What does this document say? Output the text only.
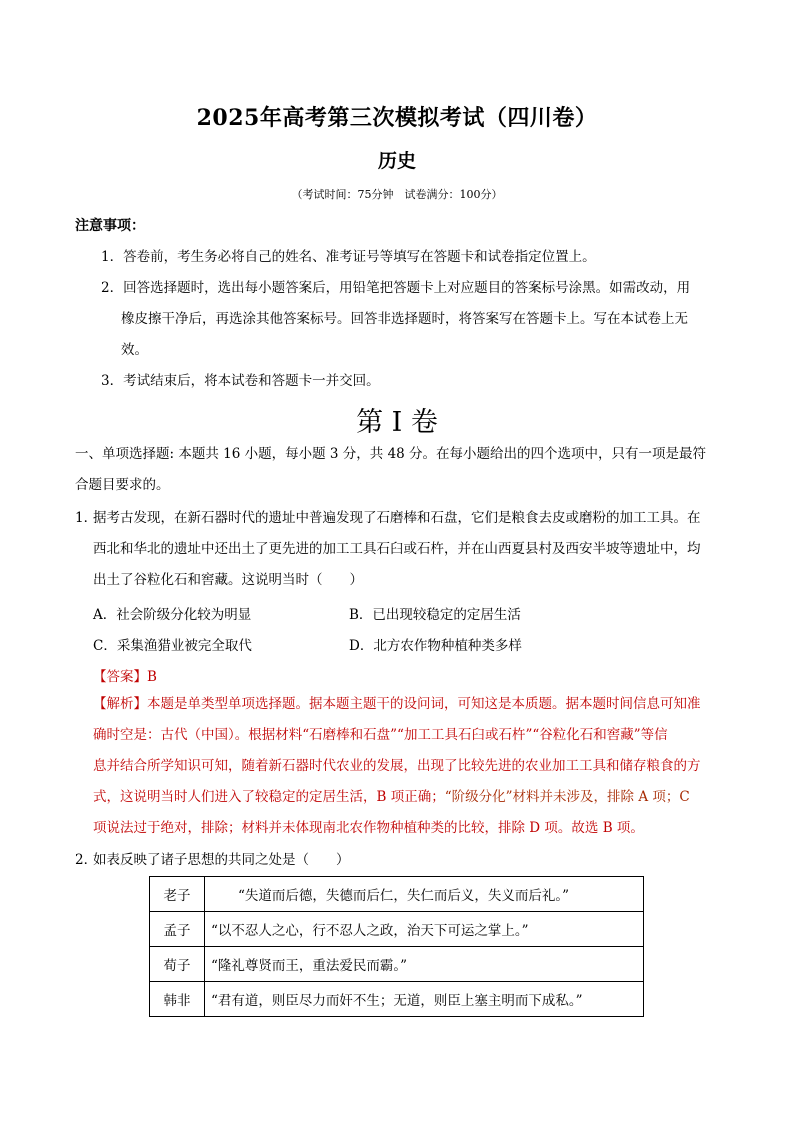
2025年高考第三次模拟考试（四川卷）
历史
（考试时间：75分钟　试卷满分：100分）
注意事项：
1．答卷前，考生务必将自己的姓名、准考证号等填写在答题卡和试卷指定位置上。
2．回答选择题时，选出每小题答案后，用铅笔把答题卡上对应题目的答案标号涂黑。如需改动，用
橡皮擦干净后，再选涂其他答案标号。回答非选择题时，将答案写在答题卡上。写在本试卷上无
效。
3．考试结束后，将本试卷和答题卡一并交回。
第 I 卷
一、单项选择题: 本题共 16 小题，每小题 3 分，共 48 分。在每小题给出的四个选项中，只有一项是最符
合题目要求的。
1．据考古发现，在新石器时代的遗址中普遍发现了石磨棒和石盘，它们是粮食去皮或磨粉的加工工具。在
西北和华北的遗址中还出土了更先进的加工工具石臼或石杵，并在山西夏县村及西安半坡等遗址中，均
出土了谷粒化石和窖藏。这说明当时（　　）
A．社会阶级分化较为明显	B．已出现较稳定的定居生活
C．采集渔猎业被完全取代	D．北方农作物种植种类多样
【答案】B
【解析】本题是单类型单项选择题。据本题主题干的设问词，可知这是本质题。据本题时间信息可知准
确时空是：古代（中国）。根据材料“石磨棒和石盘”“加工工具石臼或石杵”“谷粒化石和窖藏”等信
息并结合所学知识可知，随着新石器时代农业的发展，出现了比较先进的农业加工工具和储存粮食的方
式，这说明当时人们进入了较稳定的定居生活，B 项正确；“阶级分化”材料并未涉及，排除 A 项；C
项说法过于绝对，排除；材料并未体现南北农作物种植种类的比较，排除 D 项。故选 B 项。
2．如表反映了诸子思想的共同之处是（　　）
老子	　　“失道而后德，失德而后仁，失仁而后义，失义而后礼。”
孟子	“以不忍人之心，行不忍人之政，治天下可运之掌上。”
荀子	“隆礼尊贤而王，重法爱民而霸。”
韩非	“君有道，则臣尽力而奸不生；无道，则臣上塞主明而下成私。”
